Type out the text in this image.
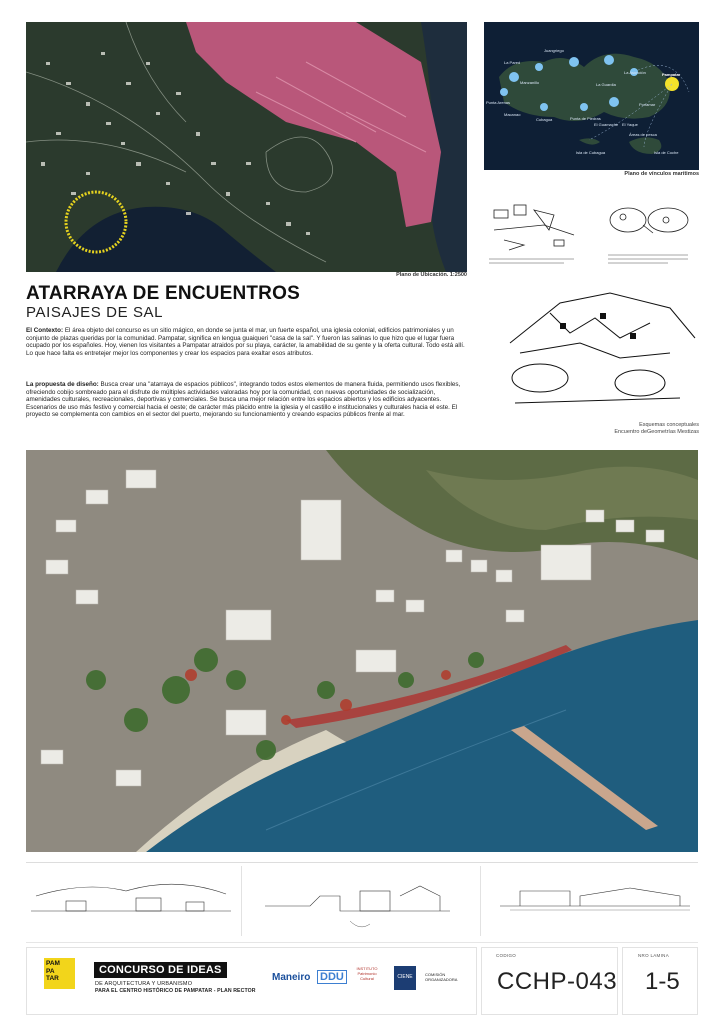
Plano de Ubicación. 1:2500
La Pared
Juangriego
Manzanillo
La Asunción	Pampatar
Punta Arenas
La Guardia
Macanao
Porlamar
Cubagua	Punta de Piedras
El Guamache El Yaque
Áreas de pesca
Isla de Coche
Isla de Cubagua
Plano de vínculos marítimos
Esquemas conceptuales
Encuentro deGeometrías Mestizas
ATARRAYA DE ENCUENTROS
PAISAJES DE SAL

El Contexto: El área objeto del concurso es un sitio mágico, en donde se junta el mar, un fuerte español, una iglesia colonial, edificios patrimoniales y un conjunto de plazas queridas por la comunidad. Pampatar, significa en lengua guaiqueri "casa de la sal". Y fueron las salinas lo que hizo que el lugar fuera ocupado por los españoles. Hoy, vienen los visitantes a Pampatar atraidos por su playa, carácter, la amabilidad de su gente y la oferta cultural. Todo está allí. Lo que hace falta es entretejer mejor los componentes y crear los espacios para exaltar esos atributos.

La propuesta de diseño: Busca crear una "atarraya de espacios públicos", integrando todos estos elementos de manera fluida, permitiendo usos flexibles, ofreciendo cobijo sombreado para el disfrute de múltiples actividades valoradas hoy por la comunidad, con nuevas oportunidades de socialización, amenidades culturales, recreacionales, deportivas y comerciales. Se busca una mejor relación entre los espacios abiertos y los edificios adyacentes. Escenarios de uso más festivo y comercial hacia el oeste; de carácter más plácido entre la iglesia y el castillo e institucionales y culturales hacia el este. El proyecto se complementa con cambios en el sector del puerto, mejorando su funcionamiento y creando espacios públicos frente al mar.

PAM
PA
TAR
CONCURSO DE IDEAS
DE ARQUITECTURA Y URBANISMO
PARA EL CENTRO HISTÓRICO DE PAMPATAR - PLAN RECTOR
Maneiro DDU
INSTITUTO Patrimonio Cultural	CIENE	COMISIÓN ORGANIZADORA
CODIGO
CCHP-043
NRO LAMINA
1-5
